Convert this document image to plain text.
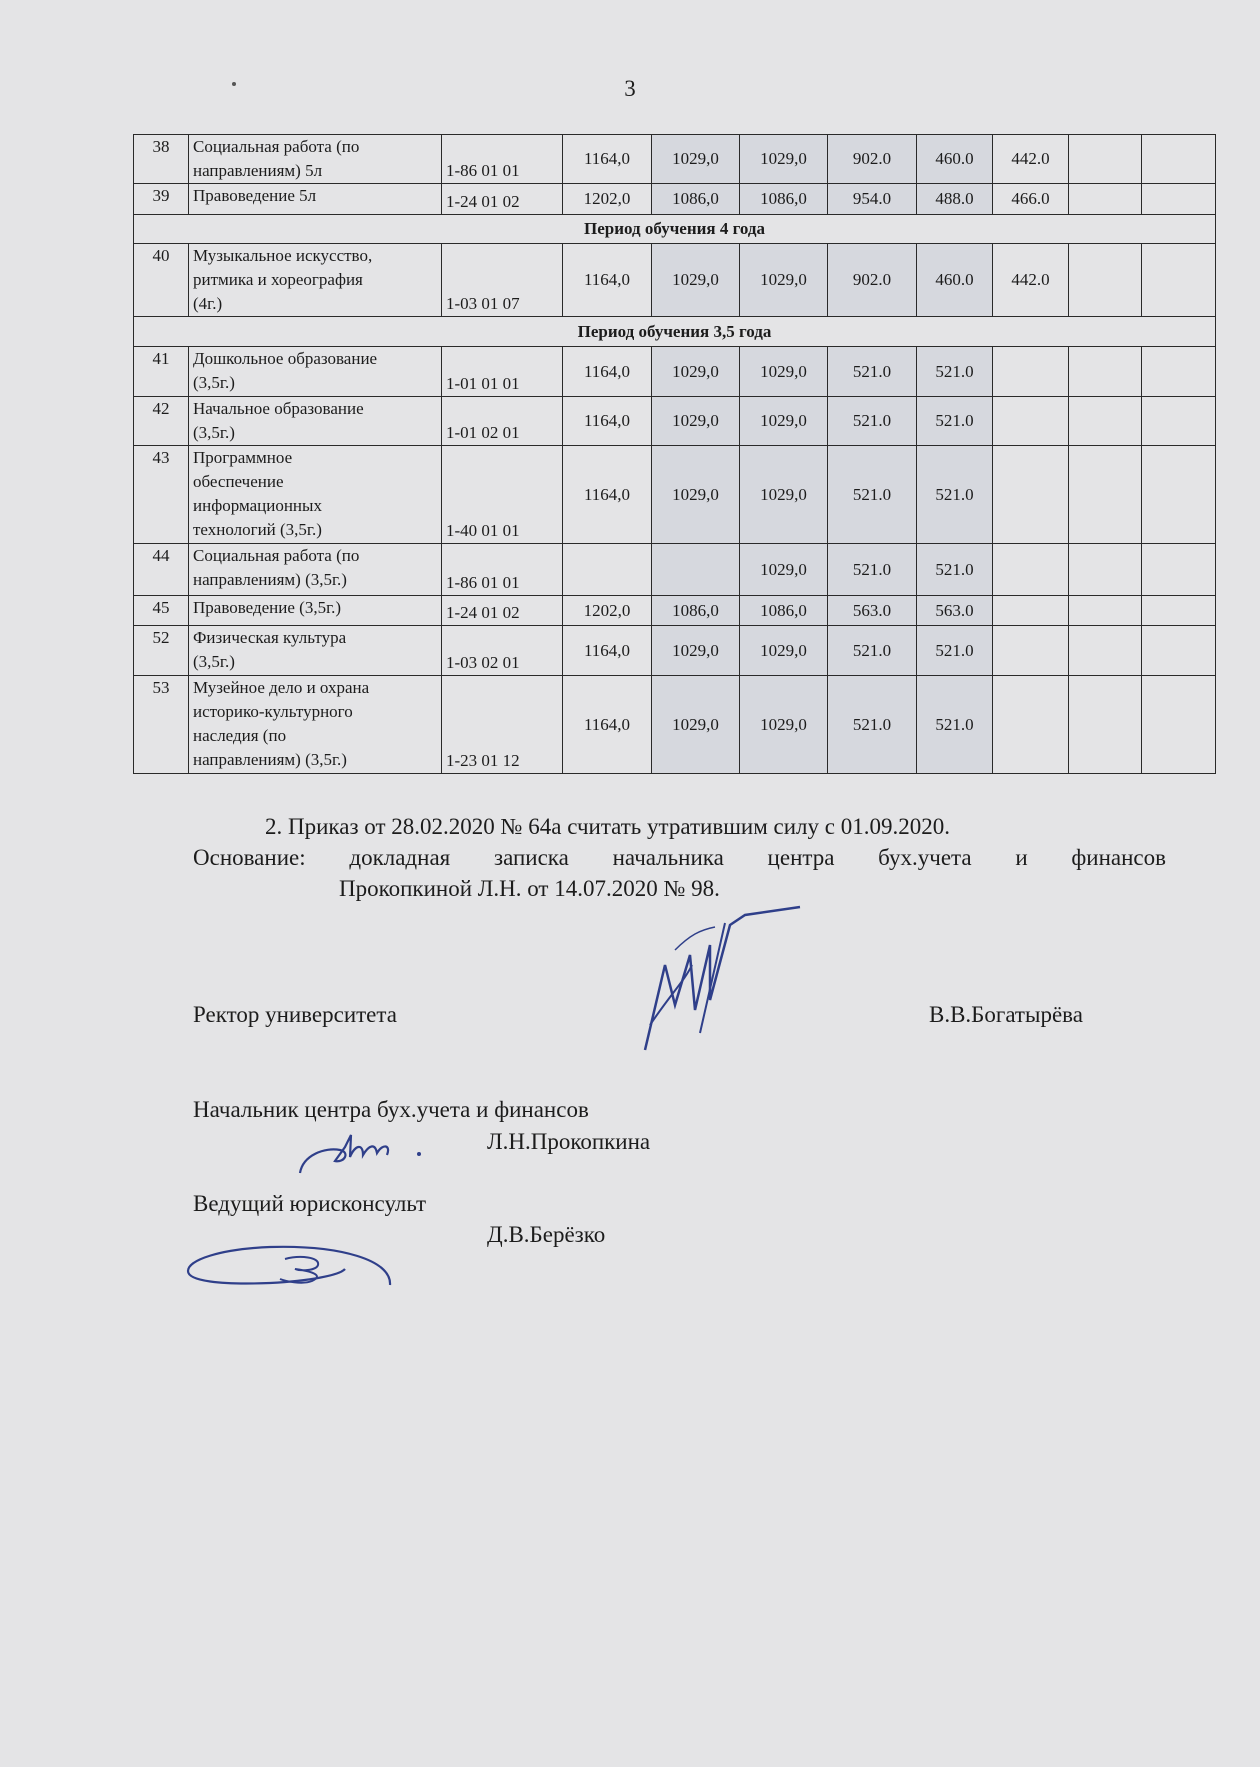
3
38	Социальная работа (по
направлениям) 5л	1-86 01 01	1164,0	1029,0	1029,0	902.0	460.0	442.0		
39	Правоведение 5л	1-24 01 02	1202,0	1086,0	1086,0	954.0	488.0	466.0		
Период обучения 4 года										
40	Музыкальное искусство,
ритмика и хореография
(4г.)	1-03 01 07	1164,0	1029,0	1029,0	902.0	460.0	442.0		
Период обучения 3,5 года										
41	Дошкольное образование
(3,5г.)	1-01 01 01	1164,0	1029,0	1029,0	521.0	521.0			
42	Начальное образование
(3,5г.)	1-01 02 01	1164,0	1029,0	1029,0	521.0	521.0			
43	Программное
обеспечение
информационных
технологий (3,5г.)	1-40 01 01	1164,0	1029,0	1029,0	521.0	521.0			
44	Социальная работа (по
направлениям) (3,5г.)	1-86 01 01			1029,0	521.0	521.0			
45	Правоведение (3,5г.)	1-24 01 02	1202,0	1086,0	1086,0	563.0	563.0			
52	Физическая культура
(3,5г.)	1-03 02 01	1164,0	1029,0	1029,0	521.0	521.0			
53	Музейное дело и охрана
историко-культурного
наследия (по
направлениям) (3,5г.)	1-23 01 12	1164,0	1029,0	1029,0	521.0	521.0			
2. Приказ от 28.02.2020 № 64а считать утратившим силу с 01.09.2020.
Основание: докладная записка начальника центра бух.учета и финансов
Прокопкиной Л.Н. от 14.07.2020 № 98.
Ректор университета	В.В.Богатырёва
Начальник центра бух.учета и финансов
Л.Н.Прокопкина
Ведущий юрисконсульт
Д.В.Берёзко
